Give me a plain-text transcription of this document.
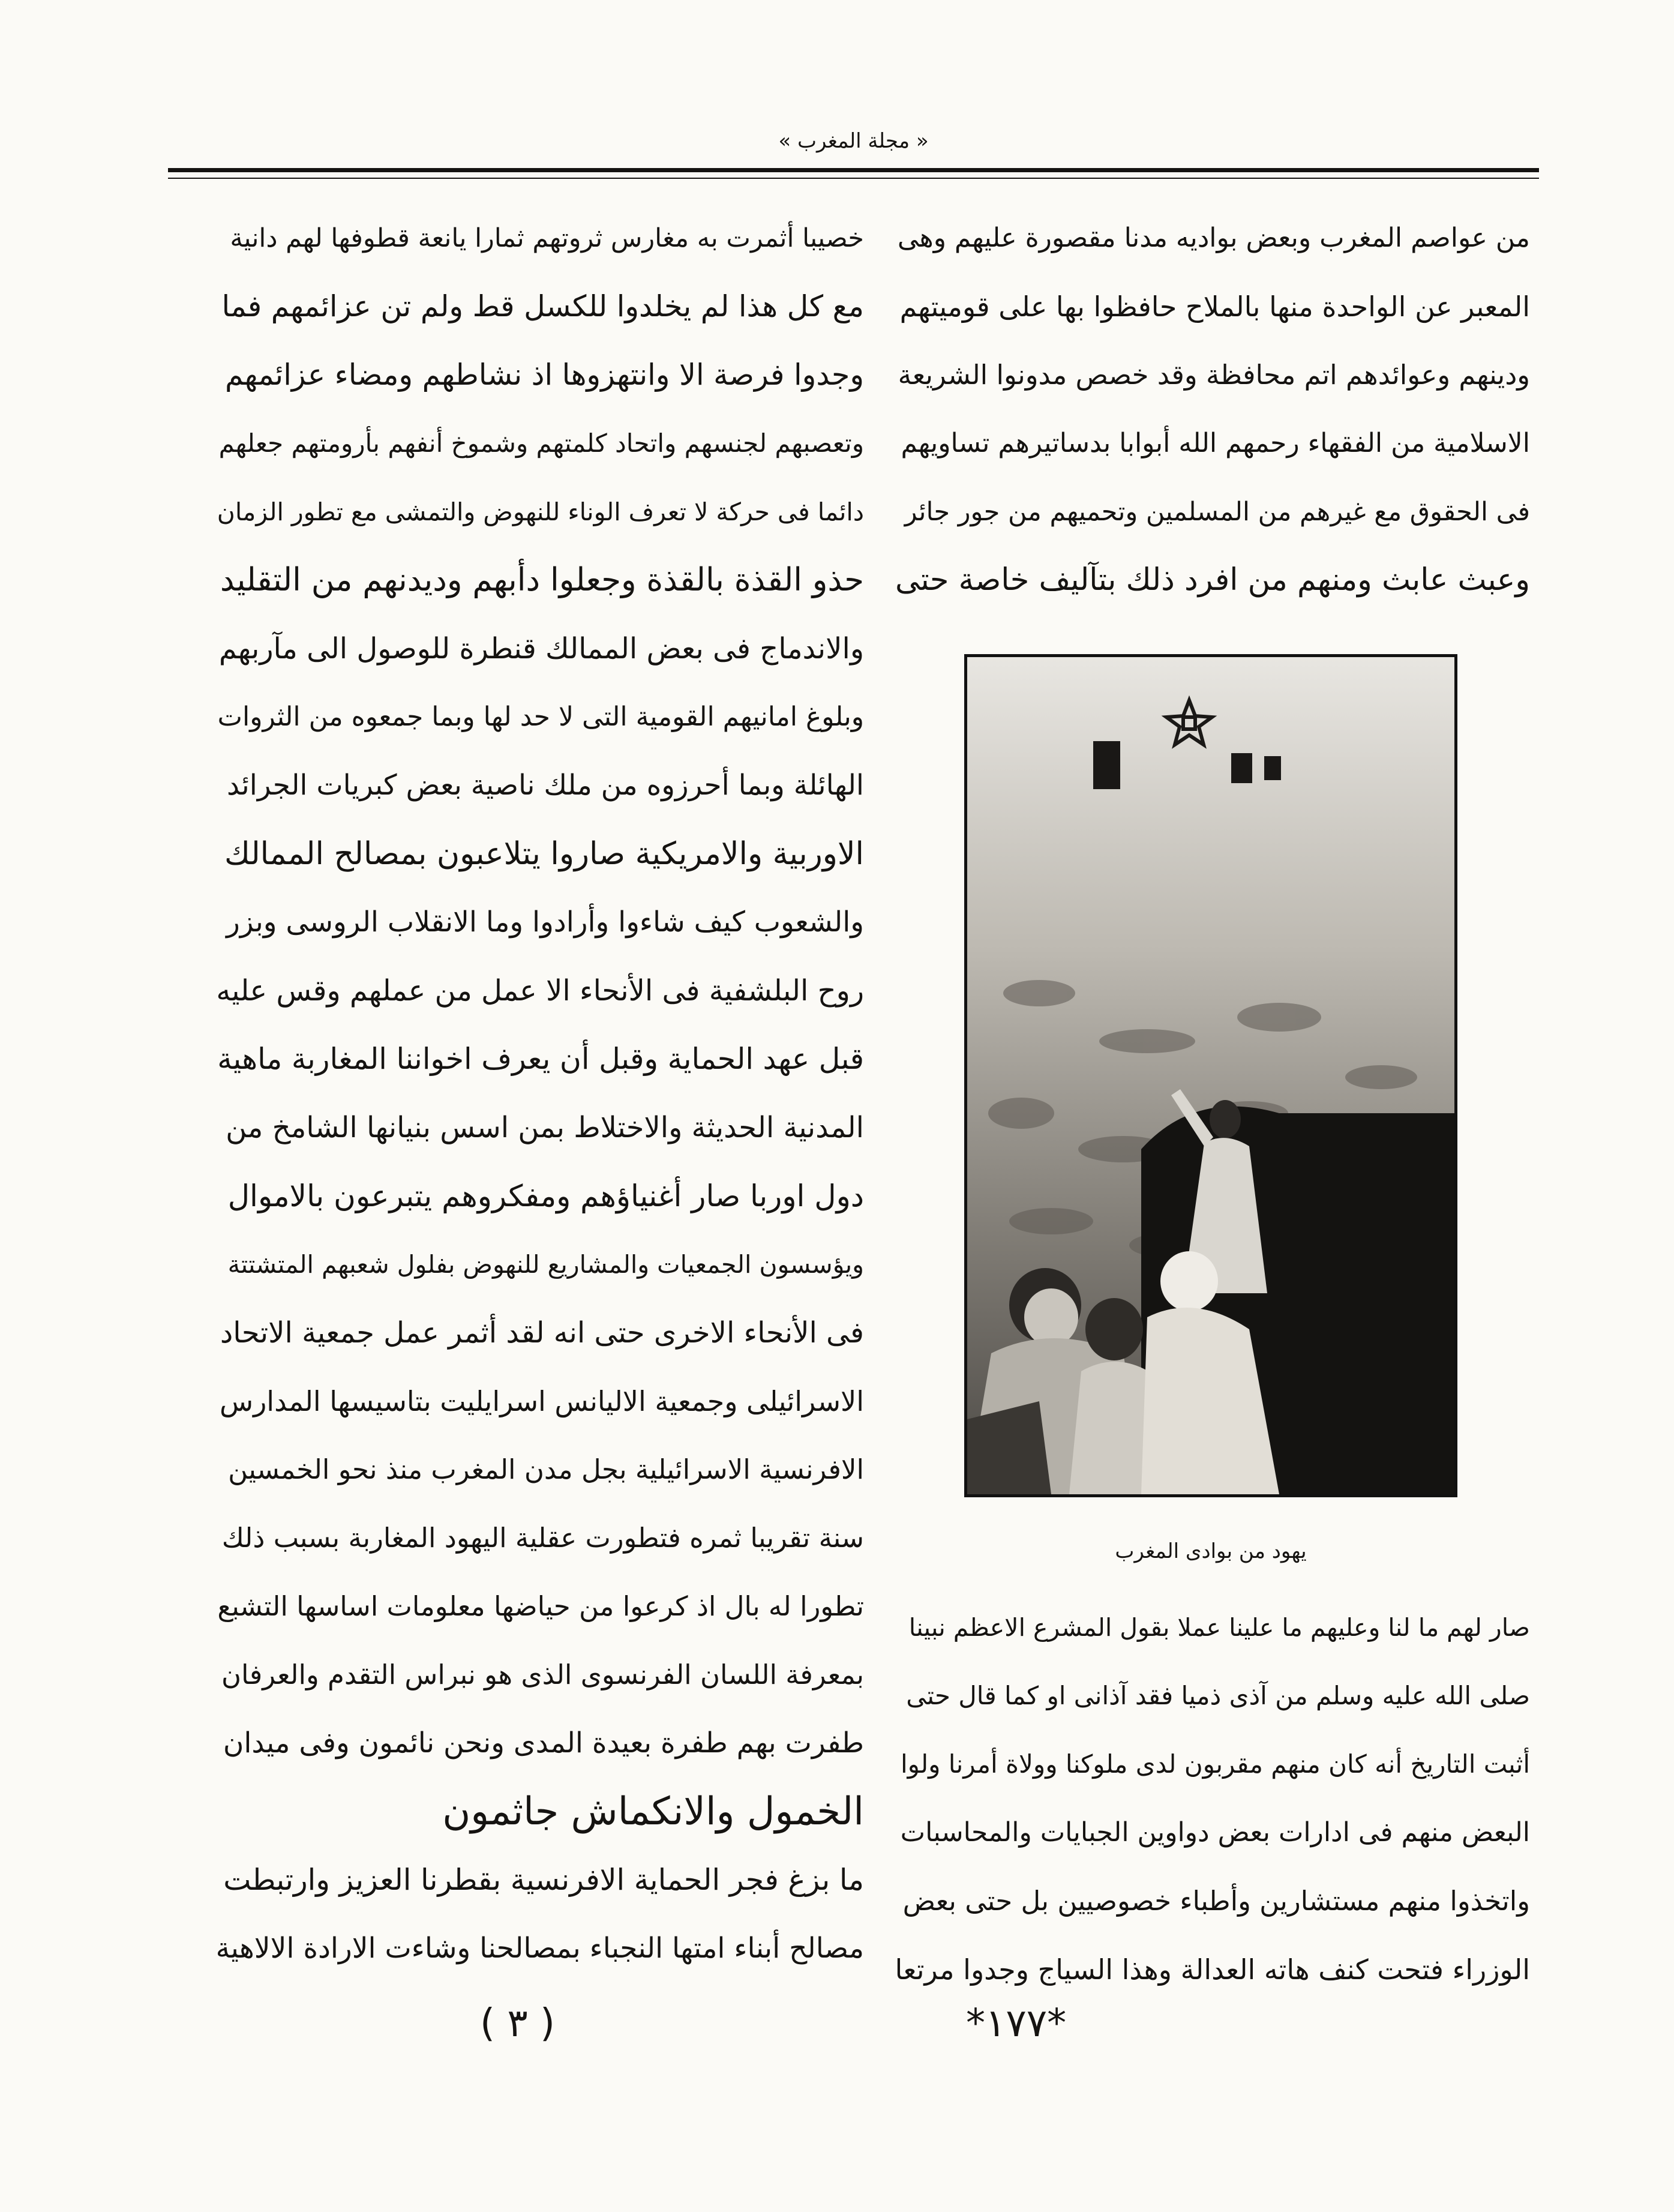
« مجلة المغرب »
من عواصم المغرب وبعض بواديه مدنا مقصورة عليهم وهى
المعبر عن الواحدة منها بالملاح حافظوا بها على قوميتهم
ودينهم وعوائدهم اتم محافظة وقد خصص مدونوا الشريعة
الاسلامية من الفقهاء رحمهم الله أبوابا بدساتيرهم تساويهم
فى الحقوق مع غيرهم من المسلمين وتحميهم من جور جائر
وعبث عابث ومنهم من افرد ذلك بتآليف خاصة حتى
يهود من بوادى المغرب
صار لهم ما لنا وعليهم ما علينا عملا بقول المشرع الاعظم نبينا
صلى الله عليه وسلم من آذى ذميا فقد آذانى او كما قال حتى
أثبت التاريخ أنه كان منهم مقربون لدى ملوكنا وولاة أمرنا ولوا
البعض منهم فى ادارات بعض دواوين الجبايات والمحاسبات
واتخذوا منهم مستشارين وأطباء خصوصيين بل حتى بعض
الوزراء فتحت كنف هاته العدالة وهذا السياج وجدوا مرتعا
خصيبا أثمرت به مغارس ثروتهم ثمارا يانعة قطوفها لهم دانية
مع كل هذا لم يخلدوا للكسل قط ولم تن عزائمهم فما
وجدوا فرصة الا وانتهزوها اذ نشاطهم ومضاء عزائمهم
وتعصبهم لجنسهم واتحاد كلمتهم وشموخ أنفهم بأرومتهم جعلهم
دائما فى حركة لا تعرف الوناء للنهوض والتمشى مع تطور الزمان
حذو القذة بالقذة وجعلوا دأبهم وديدنهم من التقليد
والاندماج فى بعض الممالك قنطرة للوصول الى مآربهم
وبلوغ امانيهم القومية التى لا حد لها وبما جمعوه من الثروات
الهائلة وبما أحرزوه من ملك ناصية بعض كبريات الجرائد
الاوربية والامريكية صاروا يتلاعبون بمصالح الممالك
والشعوب كيف شاءوا وأرادوا وما الانقلاب الروسى وبزر
روح البلشفية فى الأنحاء الا عمل من عملهم وقس عليه
قبل عهد الحماية وقبل أن يعرف اخواننا المغاربة ماهية
المدنية الحديثة والاختلاط بمن اسس بنيانها الشامخ من
دول اوربا صار أغنياؤهم ومفكروهم يتبرعون بالاموال
ويؤسسون الجمعيات والمشاريع للنهوض بفلول شعبهم المتشتتة
فى الأنحاء الاخرى حتى انه لقد أثمر عمل جمعية الاتحاد
الاسرائيلى وجمعية الاليانس اسرايليت بتاسيسها المدارس
الافرنسية الاسرائيلية بجل مدن المغرب منذ نحو الخمسين
سنة تقريبا ثمره فتطورت عقلية اليهود المغاربة بسبب ذلك
تطورا له بال اذ كرعوا من حياضها معلومات اساسها التشبع
بمعرفة اللسان الفرنسوى الذى هو نبراس التقدم والعرفان
طفرت بهم طفرة بعيدة المدى ونحن نائمون وفى ميدان
الخمول والانكماش جاثمون
ما بزغ فجر الحماية الافرنسية بقطرنا العزيز وارتبطت
مصالح أبناء امتها النجباء بمصالحنا وشاءت الارادة الالاهية
( ٣ )	*١٧٧*
